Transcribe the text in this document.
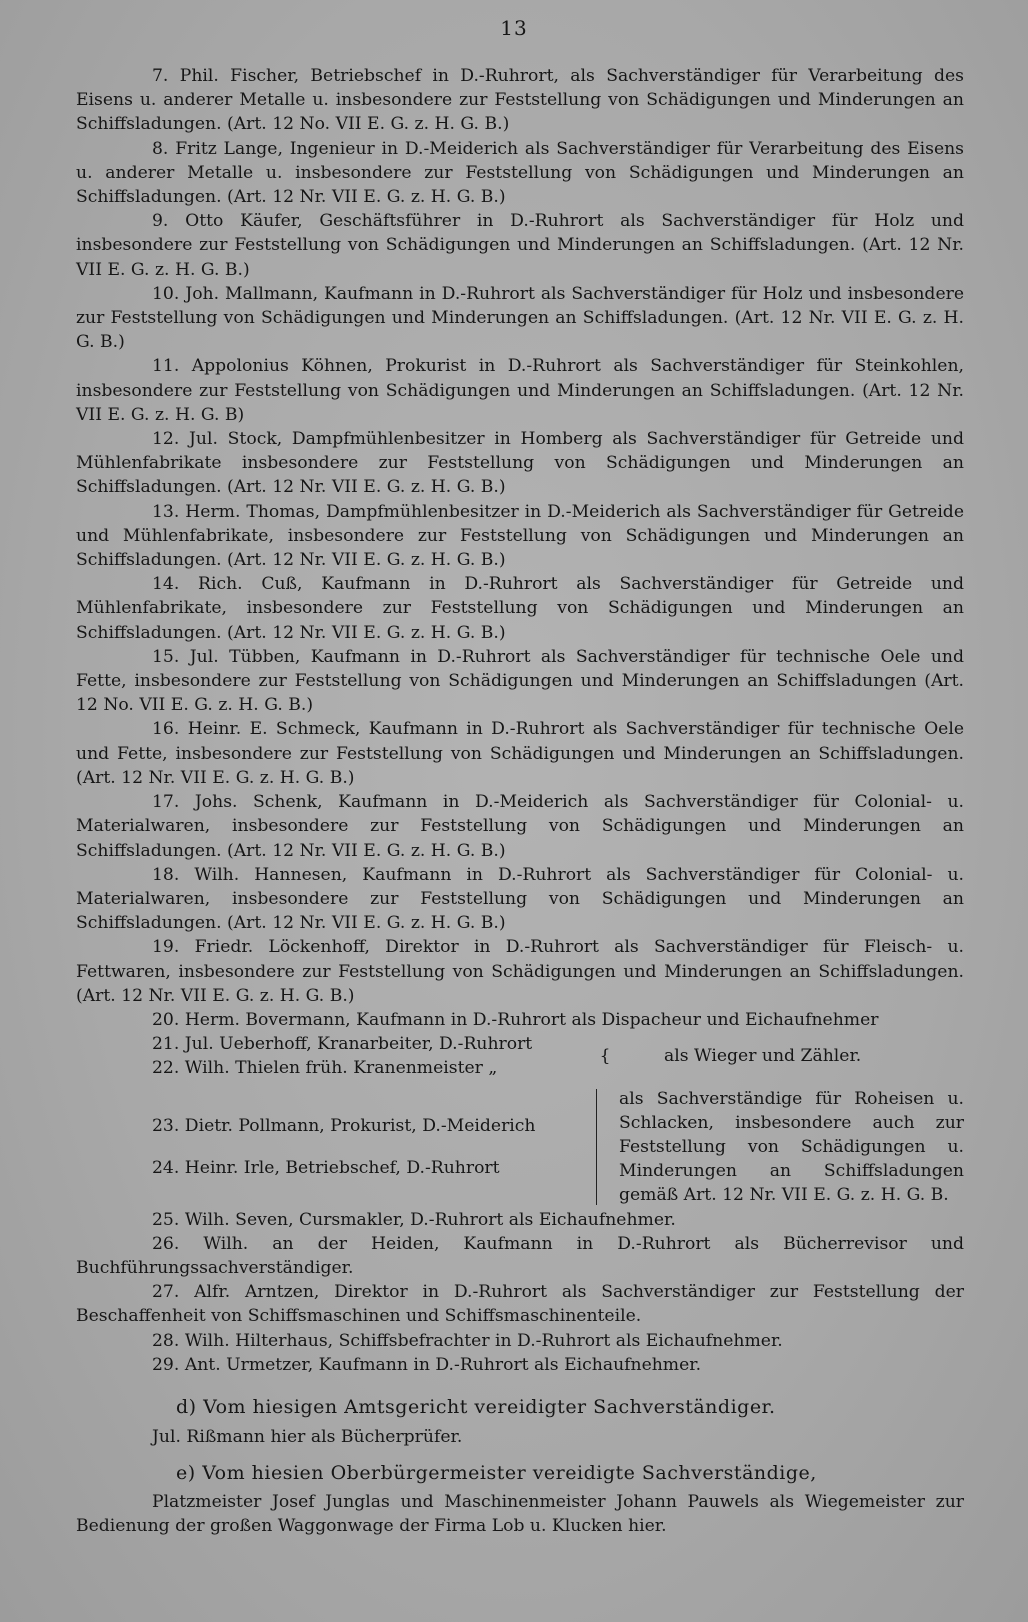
13

7. Phil. Fischer, Betriebschef in D.-Ruhrort, als Sachverständiger für Verarbeitung des Eisens u. anderer Metalle u. insbesondere zur Feststellung von Schädigungen und Minderungen an Schiffsladungen. (Art. 12 No. VII E. G. z. H. G. B.)

8. Fritz Lange, Ingenieur in D.-Meiderich als Sachverständiger für Verarbeitung des Eisens u. anderer Metalle u. insbesondere zur Feststellung von Schädigungen und Minderungen an Schiffsladungen. (Art. 12 Nr. VII E. G. z. H. G. B.)

9. Otto Käufer, Geschäftsführer in D.-Ruhrort als Sachverständiger für Holz und insbesondere zur Feststellung von Schädigungen und Minderungen an Schiffsladungen. (Art. 12 Nr. VII E. G. z. H. G. B.)

10. Joh. Mallmann, Kaufmann in D.-Ruhrort als Sachverständiger für Holz und insbesondere zur Feststellung von Schädigungen und Minderungen an Schiffsladungen. (Art. 12 Nr. VII E. G. z. H. G. B.)

11. Appolonius Köhnen, Prokurist in D.-Ruhrort als Sachverständiger für Steinkohlen, insbesondere zur Feststellung von Schädigungen und Minderungen an Schiffsladungen. (Art. 12 Nr. VII E. G. z. H. G. B)

12. Jul. Stock, Dampfmühlenbesitzer in Homberg als Sachverständiger für Getreide und Mühlenfabrikate insbesondere zur Feststellung von Schädigungen und Minderungen an Schiffsladungen. (Art. 12 Nr. VII E. G. z. H. G. B.)

13. Herm. Thomas, Dampfmühlenbesitzer in D.-Meiderich als Sachverständiger für Getreide und Mühlenfabrikate, insbesondere zur Feststellung von Schädigungen und Minderungen an Schiffsladungen. (Art. 12 Nr. VII E. G. z. H. G. B.)

14. Rich. Cuß, Kaufmann in D.-Ruhrort als Sachverständiger für Getreide und Mühlenfabrikate, insbesondere zur Feststellung von Schädigungen und Minderungen an Schiffsladungen. (Art. 12 Nr. VII E. G. z. H. G. B.)

15. Jul. Tübben, Kaufmann in D.-Ruhrort als Sachverständiger für technische Oele und Fette, insbesondere zur Feststellung von Schädigungen und Minderungen an Schiffsladungen (Art. 12 No. VII E. G. z. H. G. B.)

16. Heinr. E. Schmeck, Kaufmann in D.-Ruhrort als Sachverständiger für technische Oele und Fette, insbesondere zur Feststellung von Schädigungen und Minderungen an Schiffsladungen. (Art. 12 Nr. VII E. G. z. H. G. B.)

17. Johs. Schenk, Kaufmann in D.-Meiderich als Sachverständiger für Colonial- u. Materialwaren, insbesondere zur Feststellung von Schädigungen und Minderungen an Schiffsladungen. (Art. 12 Nr. VII E. G. z. H. G. B.)

18. Wilh. Hannesen, Kaufmann in D.-Ruhrort als Sachverständiger für Colonial- u. Materialwaren, insbesondere zur Feststellung von Schädigungen und Minderungen an Schiffsladungen. (Art. 12 Nr. VII E. G. z. H. G. B.)

19. Friedr. Löckenhoff, Direktor in D.-Ruhrort als Sachverständiger für Fleisch- u. Fettwaren, insbesondere zur Feststellung von Schädigungen und Minderungen an Schiffsladungen. (Art. 12 Nr. VII E. G. z. H. G. B.)

20. Herm. Bovermann, Kaufmann in D.-Ruhrort als Dispacheur und Eichaufnehmer

21. Jul. Ueberhoff, Kranarbeiter, D.-Ruhrort
22. Wilh. Thielen früh. Kranenmeister „
{	als Wieger und Zähler.
23. Dietr. Pollmann, Prokurist, D.-Meiderich
24. Heinr. Irle, Betriebschef, D.-Ruhrort
als Sachverständige für Roheisen u. Schlacken, insbesondere auch zur Feststellung von Schädigungen u. Minderungen an Schiffsladungen gemäß Art. 12 Nr. VII E. G. z. H. G. B.

25. Wilh. Seven, Cursmakler, D.-Ruhrort als Eichaufnehmer.

26. Wilh. an der Heiden, Kaufmann in D.-Ruhrort als Bücherrevisor und Buchführungssachverständiger.

27. Alfr. Arntzen, Direktor in D.-Ruhrort als Sachverständiger zur Feststellung der Beschaffenheit von Schiffsmaschinen und Schiffsmaschinenteile.

28. Wilh. Hilterhaus, Schiffsbefrachter in D.-Ruhrort als Eichaufnehmer.

29. Ant. Urmetzer, Kaufmann in D.-Ruhrort als Eichaufnehmer.

d) Vom hiesigen Amtsgericht vereidigter Sachverständiger.

Jul. Rißmann hier als Bücherprüfer.

e) Vom hiesien Oberbürgermeister vereidigte Sachverständige,

Platzmeister Josef Junglas und Maschinenmeister Johann Pauwels als Wiegemeister zur Bedienung der großen Waggonwage der Firma Lob u. Klucken hier.
